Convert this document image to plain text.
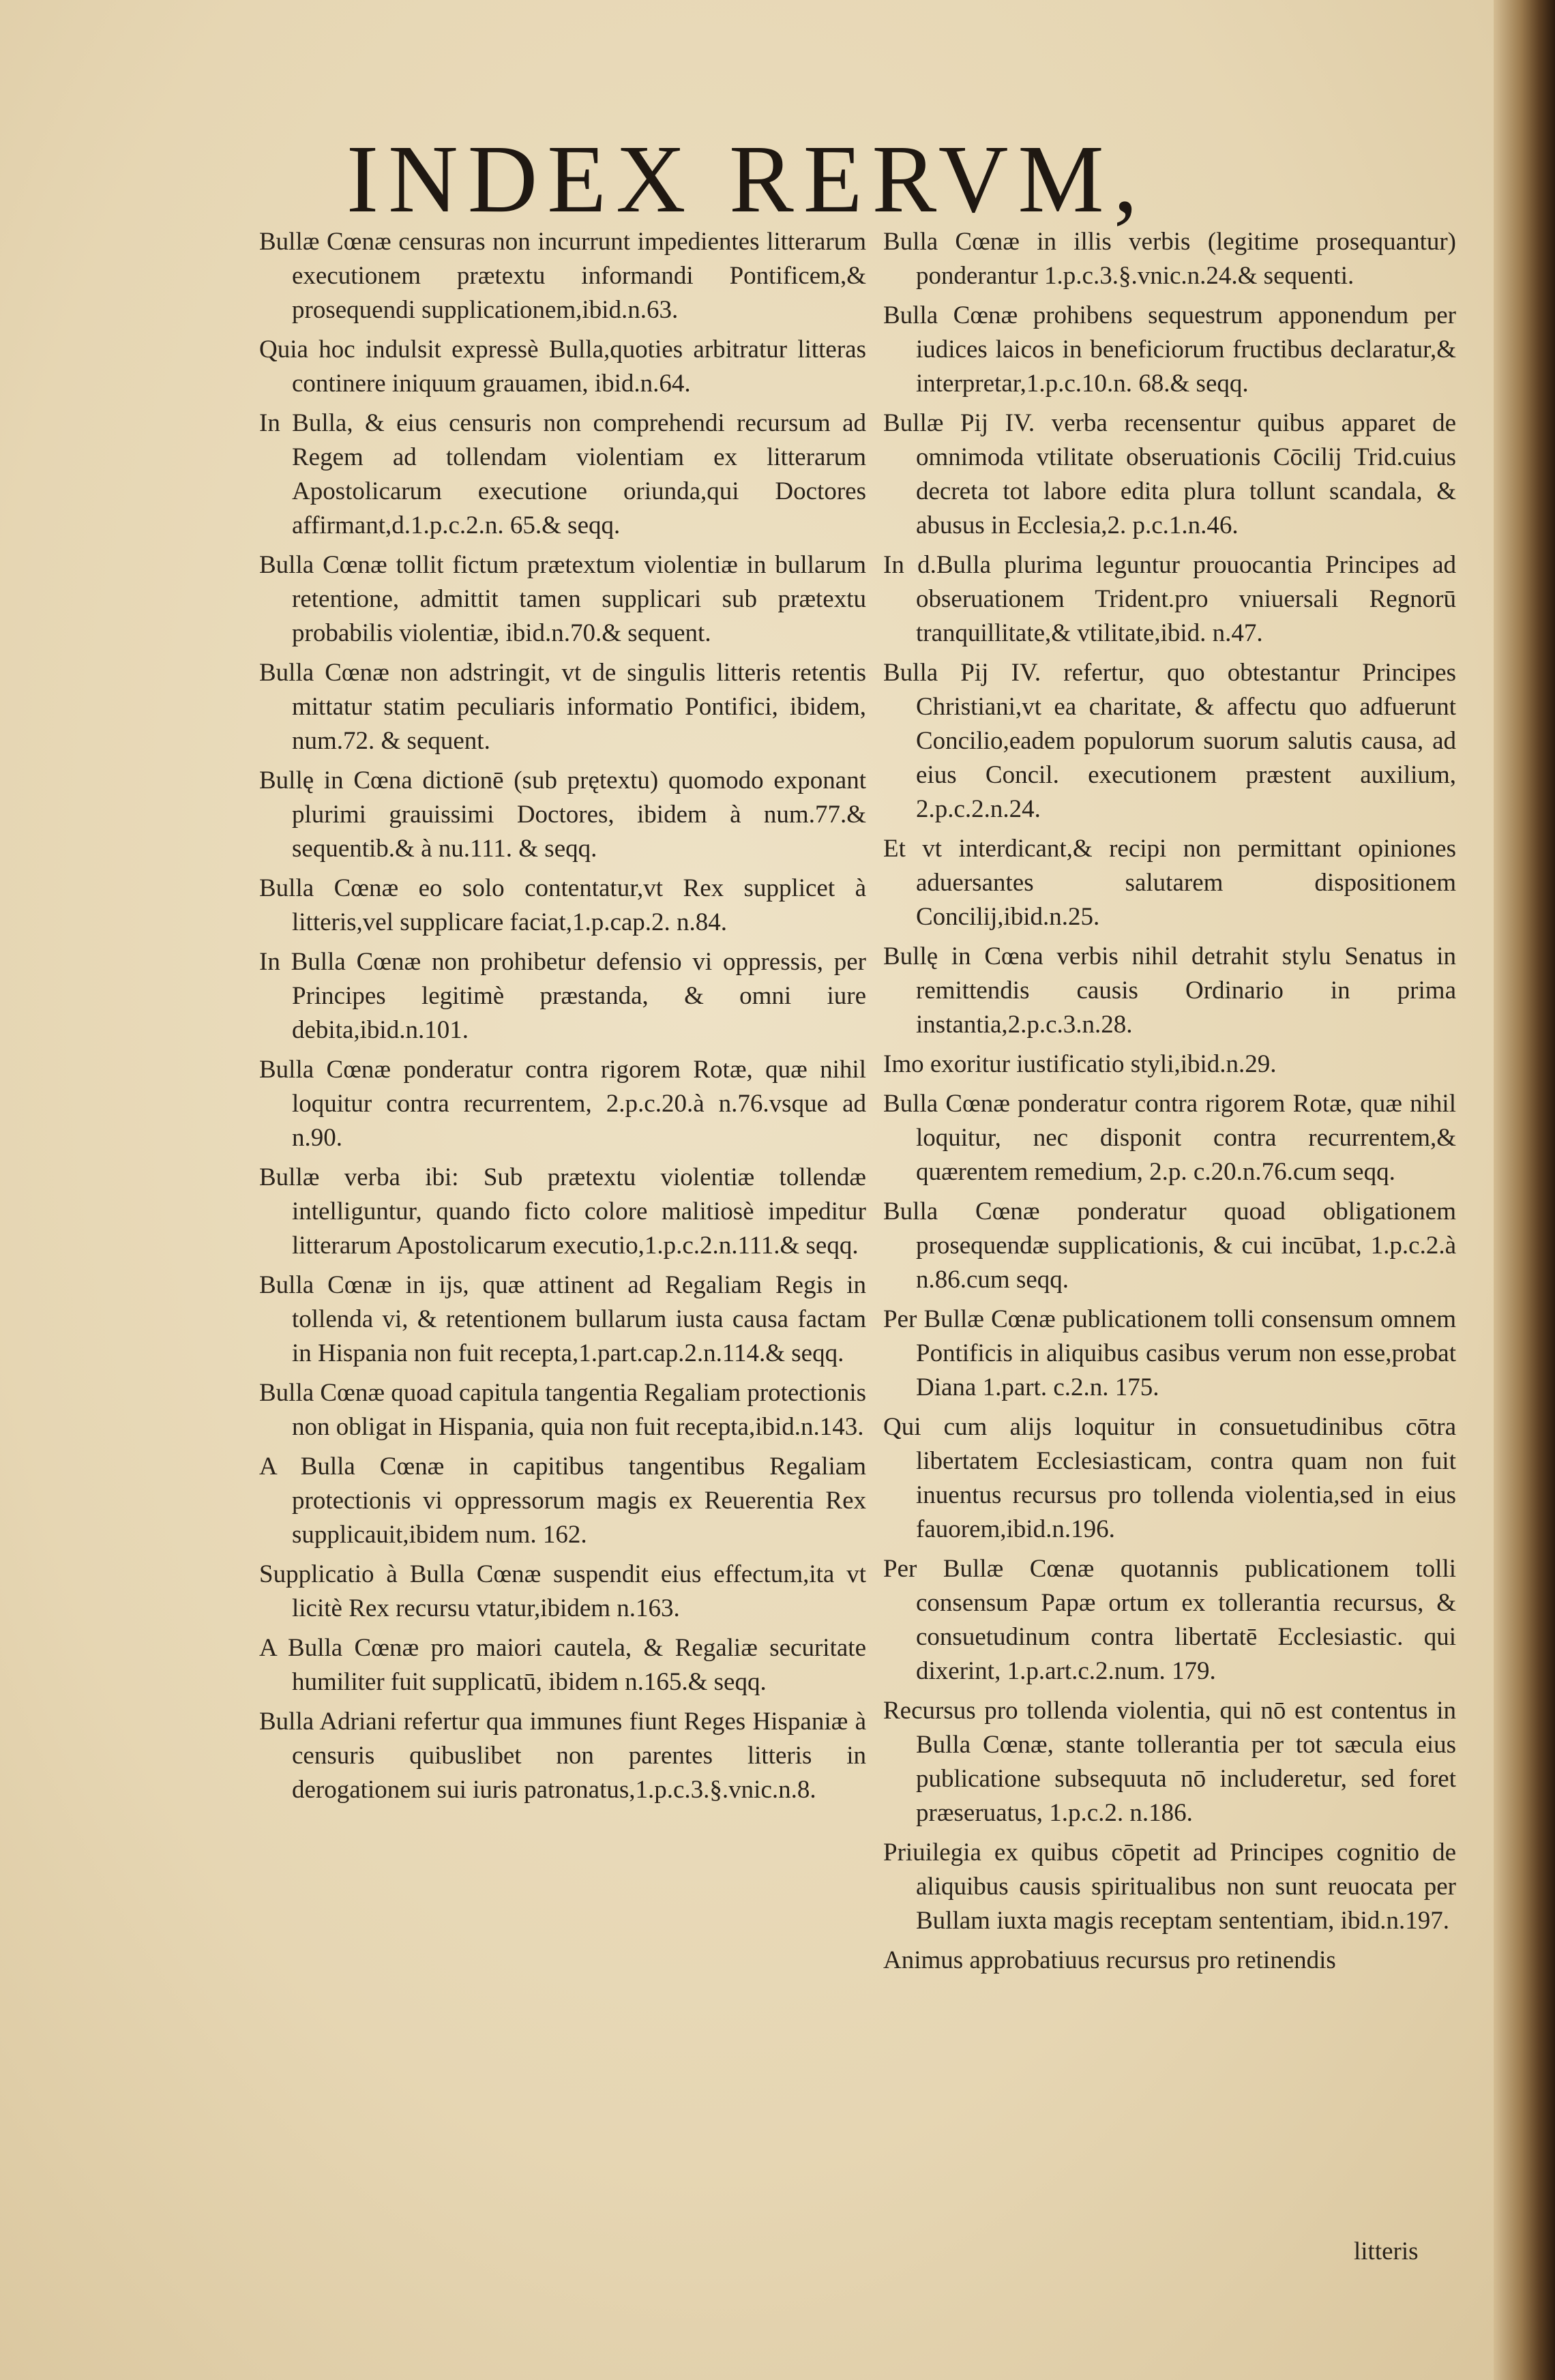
INDEX RERVM,

Bullæ Cœnæ censuras non incurrunt impedientes litterarum executionem prætextu informandi Pontificem,& prosequendi supplicationem,ibid.n.63.

Quia hoc indulsit expressè Bulla,quoties arbitratur litteras continere iniquum grauamen, ibid.n.64.

In Bulla, & eius censuris non comprehendi recursum ad Regem ad tollendam violentiam ex litterarum Apostolicarum executione oriunda,qui Doctores affirmant,d.1.p.c.2.n. 65.& seqq.

Bulla Cœnæ tollit fictum prætextum violentiæ in bullarum retentione, admittit tamen supplicari sub prætextu probabilis violentiæ, ibid.n.70.& sequent.

Bulla Cœnæ non adstringit, vt de singulis litteris retentis mittatur statim peculiaris informatio Pontifici, ibidem, num.72. & sequent.

Bullę in Cœna dictionē (sub prętextu) quomodo exponant plurimi grauissimi Doctores, ibidem à num.77.& sequentib.& à nu.111. & seqq.

Bulla Cœnæ eo solo contentatur,vt Rex supplicet à litteris,vel supplicare faciat,1.p.cap.2. n.84.

In Bulla Cœnæ non prohibetur defensio vi oppressis, per Principes legitimè præstanda, & omni iure debita,ibid.n.101.

Bulla Cœnæ ponderatur contra rigorem Rotæ, quæ nihil loquitur contra recurrentem, 2.p.c.20.à n.76.vsque ad n.90.

Bullæ verba ibi: Sub prætextu violentiæ tollendæ intelliguntur, quando ficto colore malitiosè impeditur litterarum Apostolicarum executio,1.p.c.2.n.111.& seqq.

Bulla Cœnæ in ijs, quæ attinent ad Regaliam Regis in tollenda vi, & retentionem bullarum iusta causa factam in Hispania non fuit recepta,1.part.cap.2.n.114.& seqq.

Bulla Cœnæ quoad capitula tangentia Regaliam protectionis non obligat in Hispania, quia non fuit recepta,ibid.n.143.

A Bulla Cœnæ in capitibus tangentibus Regaliam protectionis vi oppressorum magis ex Reuerentia Rex supplicauit,ibidem num. 162.

Supplicatio à Bulla Cœnæ suspendit eius effectum,ita vt licitè Rex recursu vtatur,ibidem n.163.

A Bulla Cœnæ pro maiori cautela, & Regaliæ securitate humiliter fuit supplicatū, ibidem n.165.& seqq.

Bulla Adriani refertur qua immunes fiunt Reges Hispaniæ à censuris quibuslibet non parentes litteris in derogationem sui iuris patronatus,1.p.c.3.§.vnic.n.8.

Bulla Cœnæ in illis verbis (legitime prosequantur) ponderantur 1.p.c.3.§.vnic.n.24.& sequenti.

Bulla Cœnæ prohibens sequestrum apponendum per iudices laicos in beneficiorum fructibus declaratur,& interpretar,1.p.c.10.n. 68.& seqq.

Bullæ Pij IV. verba recensentur quibus apparet de omnimoda vtilitate obseruationis Cōcilij Trid.cuius decreta tot labore edita plura tollunt scandala, & abusus in Ecclesia,2. p.c.1.n.46.

In d.Bulla plurima leguntur prouocantia Principes ad obseruationem Trident.pro vniuersali Regnorū tranquillitate,& vtilitate,ibid. n.47.

Bulla Pij IV. refertur, quo obtestantur Principes Christiani,vt ea charitate, & affectu quo adfuerunt Concilio,eadem populorum suorum salutis causa, ad eius Concil. executionem præstent auxilium, 2.p.c.2.n.24.

Et vt interdicant,& recipi non permittant opiniones aduersantes salutarem dispositionem Concilij,ibid.n.25.

Bullę in Cœna verbis nihil detrahit stylu Senatus in remittendis causis Ordinario in prima instantia,2.p.c.3.n.28.

Imo exoritur iustificatio styli,ibid.n.29.

Bulla Cœnæ ponderatur contra rigorem Rotæ, quæ nihil loquitur, nec disponit contra recurrentem,& quærentem remedium, 2.p. c.20.n.76.cum seqq.

Bulla Cœnæ ponderatur quoad obligationem prosequendæ supplicationis, & cui incūbat, 1.p.c.2.à n.86.cum seqq.

Per Bullæ Cœnæ publicationem tolli consensum omnem Pontificis in aliquibus casibus verum non esse,probat Diana 1.part. c.2.n. 175.

Qui cum alijs loquitur in consuetudinibus cōtra libertatem Ecclesiasticam, contra quam non fuit inuentus recursus pro tollenda violentia,sed in eius fauorem,ibid.n.196.

Per Bullæ Cœnæ quotannis publicationem tolli consensum Papæ ortum ex tollerantia recursus, & consuetudinum contra libertatē Ecclesiastic. qui dixerint, 1.p.art.c.2.num. 179.

Recursus pro tollenda violentia, qui nō est contentus in Bulla Cœnæ, stante tollerantia per tot sæcula eius publicatione subsequuta nō includeretur, sed foret præseruatus, 1.p.c.2. n.186.

Priuilegia ex quibus cōpetit ad Principes cognitio de aliquibus causis spiritualibus non sunt reuocata per Bullam iuxta magis receptam sententiam, ibid.n.197.

Animus approbatiuus recursus pro retinendis

litteris
